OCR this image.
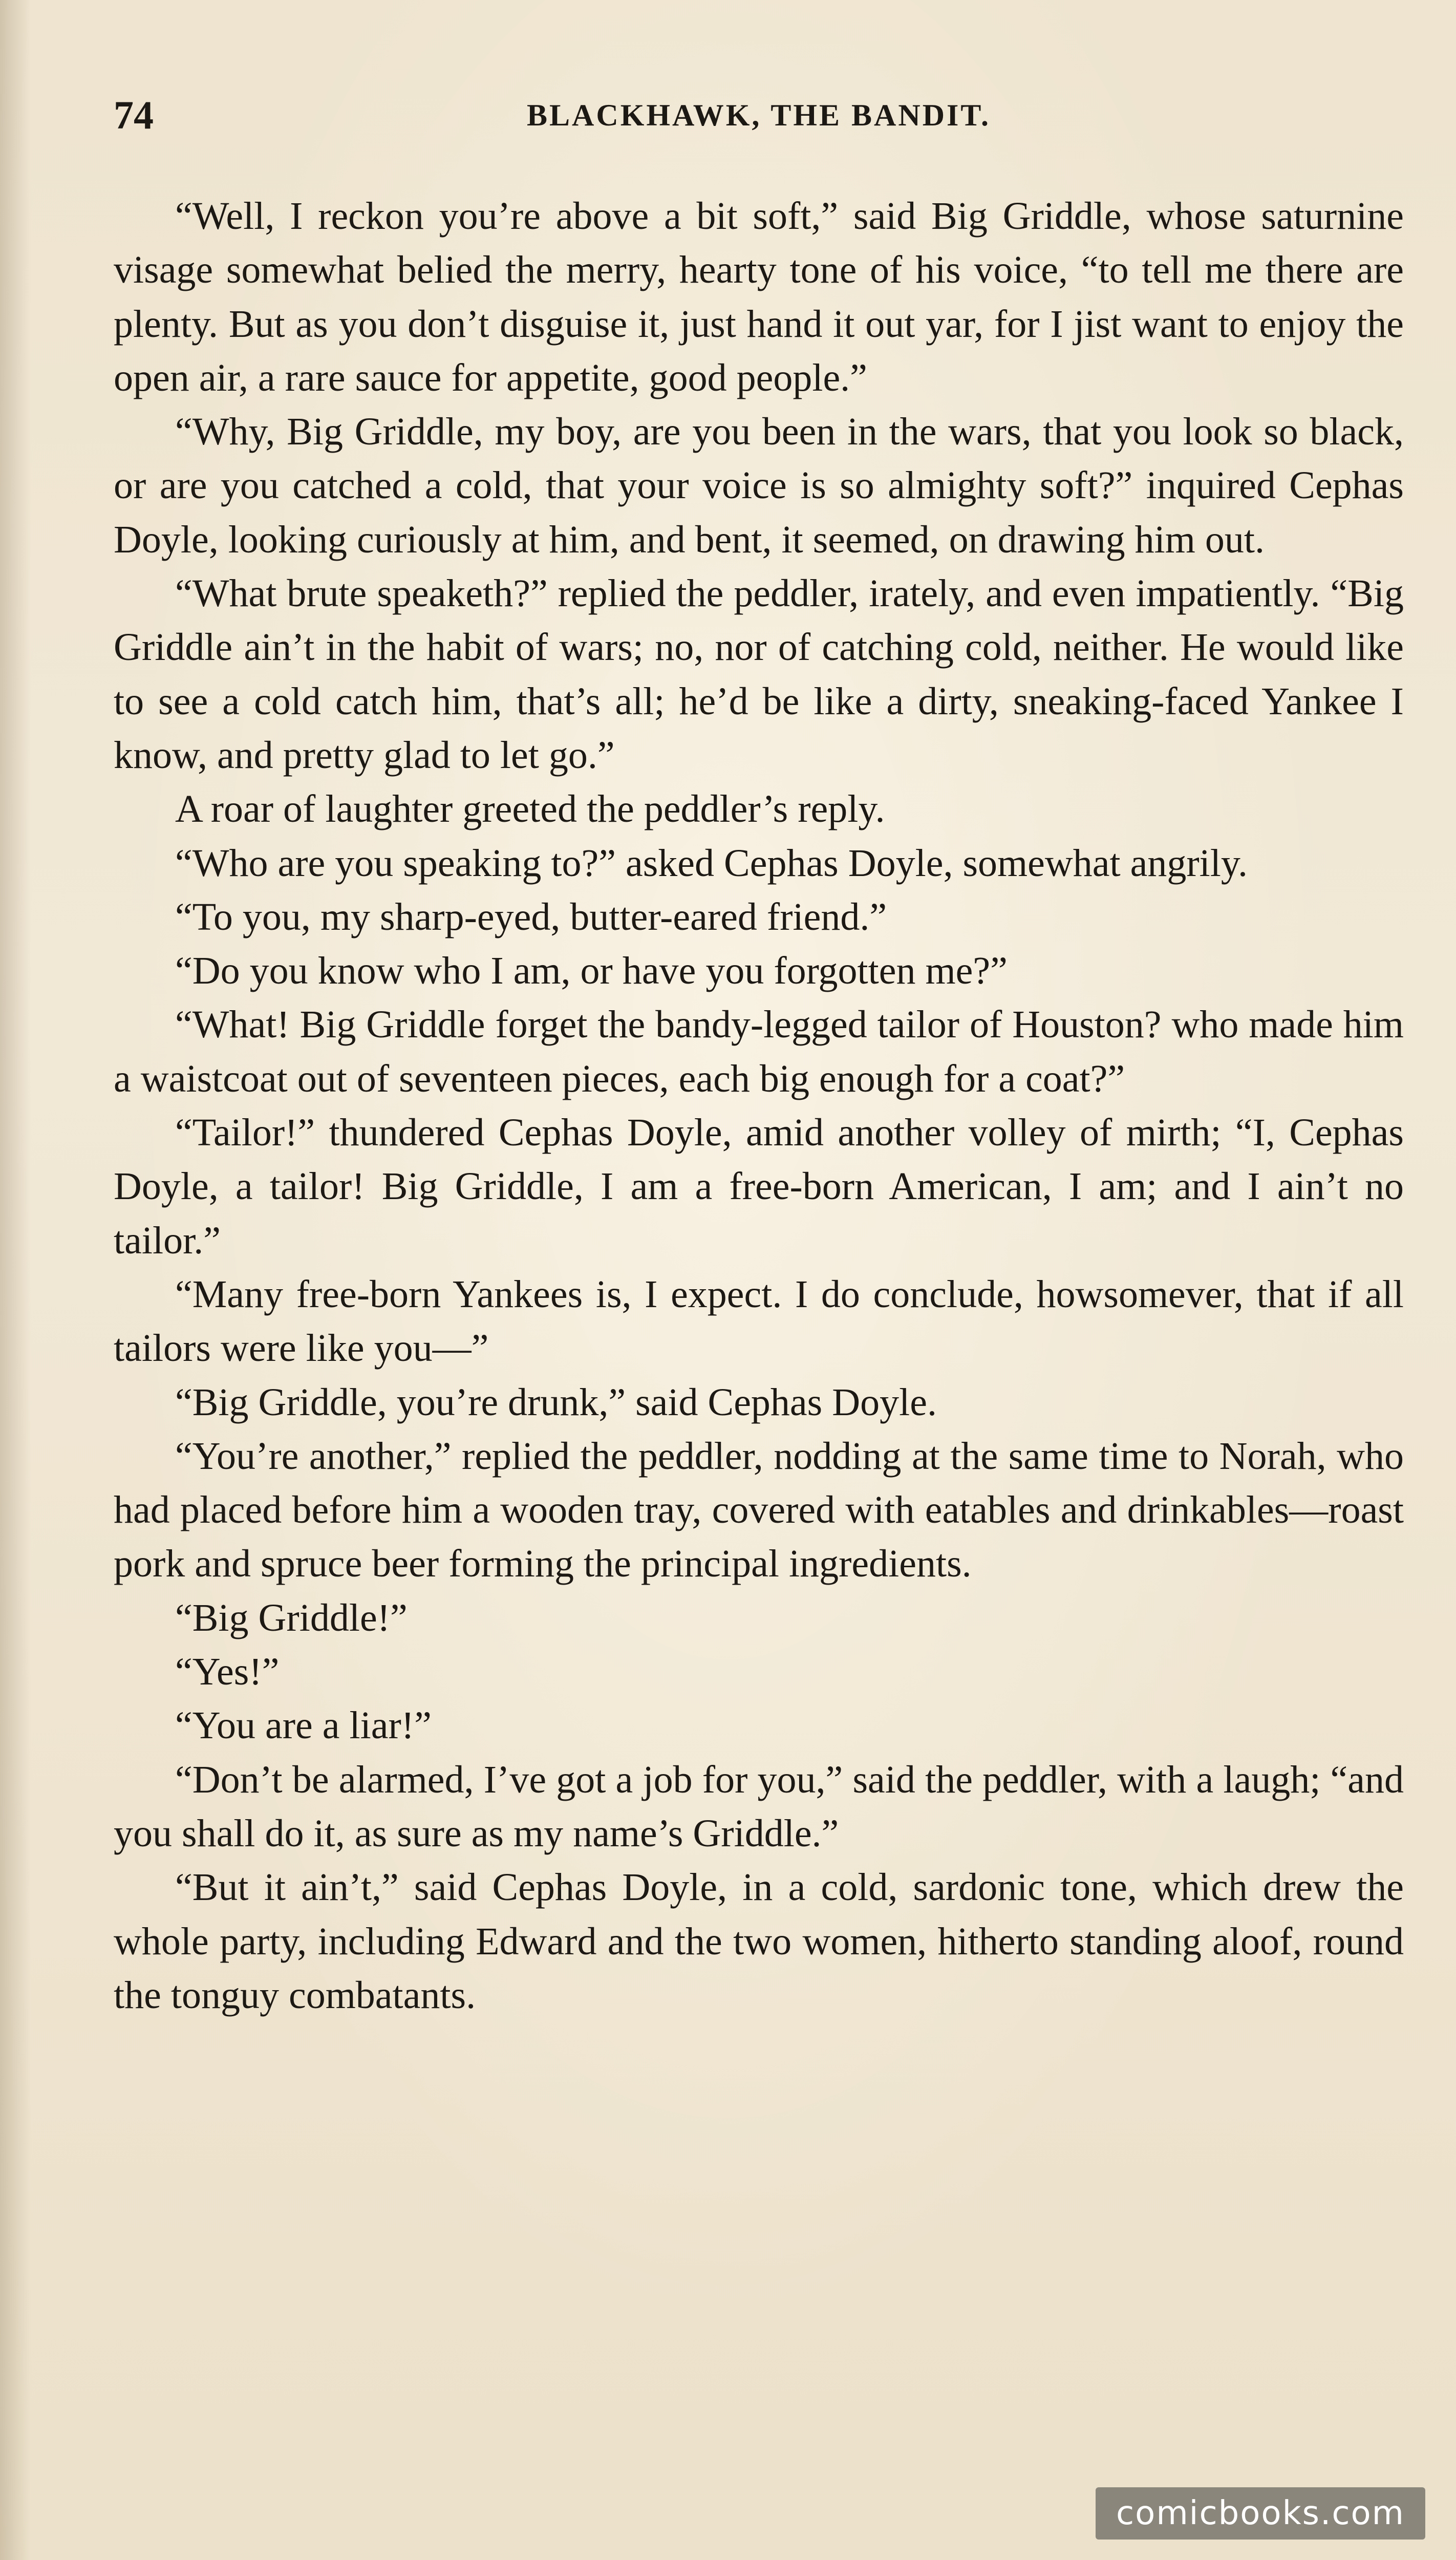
74	BLACKHAWK, THE BANDIT.

“Well, I reckon you’re above a bit soft,” said Big Griddle, whose saturnine visage somewhat belied the merry, hearty tone of his voice, “to tell me there are plenty. But as you don’t disguise it, just hand it out yar, for I jist want to enjoy the open air, a rare sauce for appetite, good people.”

“Why, Big Griddle, my boy, are you been in the wars, that you look so black, or are you catched a cold, that your voice is so almighty soft?” inquired Cephas Doyle, looking curiously at him, and bent, it seemed, on drawing him out.

“What brute speaketh?” replied the peddler, irately, and even impatiently. “Big Griddle ain’t in the habit of wars; no, nor of catching cold, neither. He would like to see a cold catch him, that’s all; he’d be like a dirty, sneaking-faced Yankee I know, and pretty glad to let go.”

A roar of laughter greeted the peddler’s reply.

“Who are you speaking to?” asked Cephas Doyle, somewhat angrily.

“To you, my sharp-eyed, butter-eared friend.”

“Do you know who I am, or have you forgotten me?”

“What! Big Griddle forget the bandy-legged tailor of Houston? who made him a waistcoat out of seventeen pieces, each big enough for a coat?”

“Tailor!” thundered Cephas Doyle, amid another volley of mirth; “I, Cephas Doyle, a tailor! Big Griddle, I am a free-born American, I am; and I ain’t no tailor.”

“Many free-born Yankees is, I expect. I do conclude, howsomever, that if all tailors were like you—”

“Big Griddle, you’re drunk,” said Cephas Doyle.

“You’re another,” replied the peddler, nodding at the same time to Norah, who had placed before him a wooden tray, covered with eatables and drinkables—roast pork and spruce beer forming the principal ingredients.

“Big Griddle!”

“Yes!”

“You are a liar!”

“Don’t be alarmed, I’ve got a job for you,” said the peddler, with a laugh; “and you shall do it, as sure as my name’s Griddle.”

“But it ain’t,” said Cephas Doyle, in a cold, sardonic tone, which drew the whole party, including Edward and the two women, hitherto standing aloof, round the tonguy combatants.

comicbooks.com
